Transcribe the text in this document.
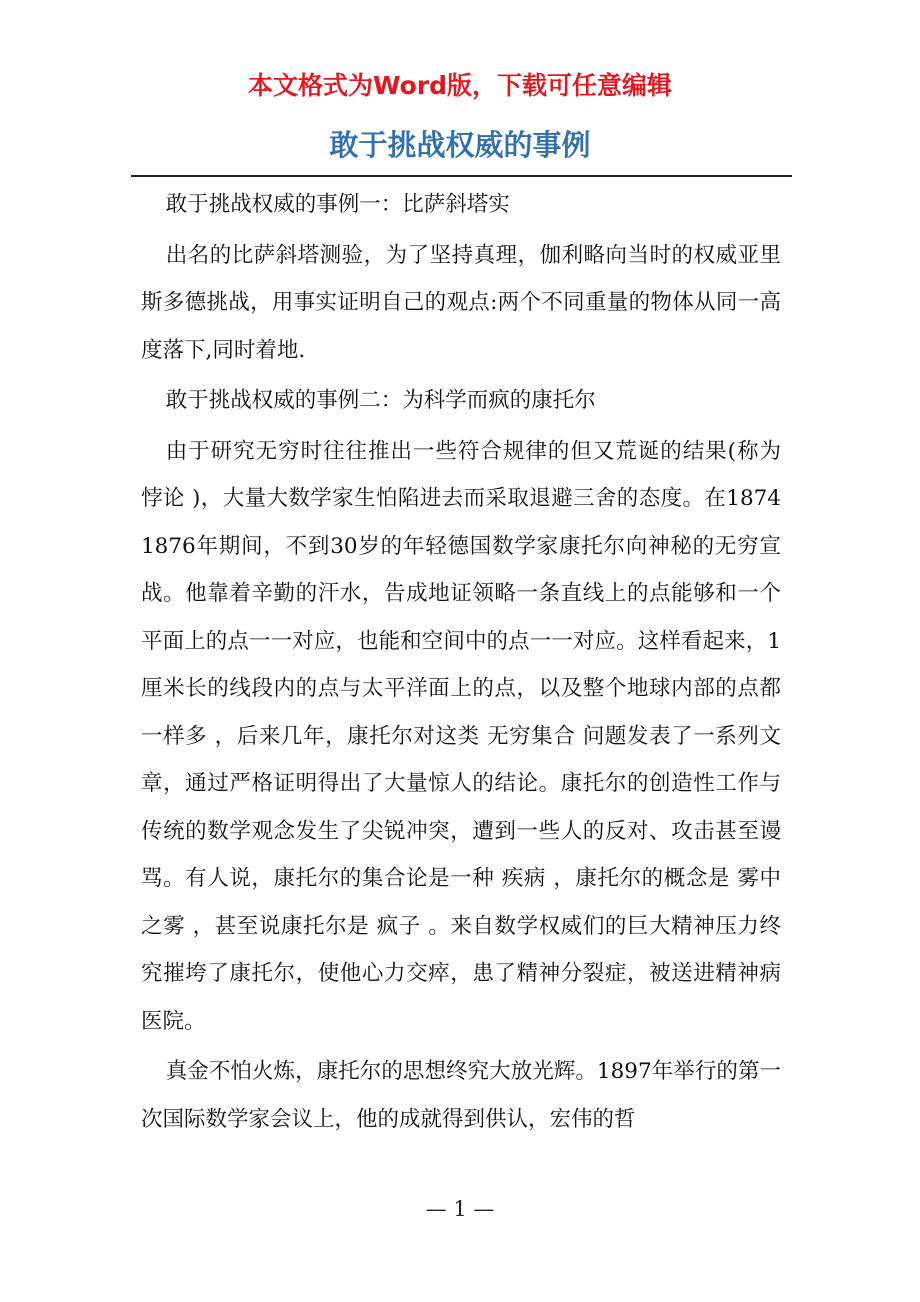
本文格式为Word版，下载可任意编辑
敢于挑战权威的事例

敢于挑战权威的事例一：比萨斜塔实

出名的比萨斜塔测验，为了坚持真理，伽利略向当时的权威亚里斯多德挑战，用事实证明自己的观点:两个不同重量的物体从同一高度落下,同时着地.

敢于挑战权威的事例二：为科学而疯的康托尔

由于研究无穷时往往推出一些符合规律的但又荒诞的结果(称为 悖论 )，大量大数学家生怕陷进去而采取退避三舍的态度。在1874 1876年期间，不到30岁的年轻德国数学家康托尔向神秘的无穷宣战。他靠着辛勤的汗水，告成地证领略一条直线上的点能够和一个平面上的点一一对应，也能和空间中的点一一对应。这样看起来，1厘米长的线段内的点与太平洋面上的点，以及整个地球内部的点都 一样多 ，后来几年，康托尔对这类 无穷集合 问题发表了一系列文章，通过严格证明得出了大量惊人的结论。康托尔的创造性工作与传统的数学观念发生了尖锐冲突，遭到一些人的反对、攻击甚至谩骂。有人说，康托尔的集合论是一种 疾病 ，康托尔的概念是 雾中之雾 ，甚至说康托尔是 疯子 。来自数学权威们的巨大精神压力终究摧垮了康托尔，使他心力交瘁，患了精神分裂症，被送进精神病医院。

真金不怕火炼，康托尔的思想终究大放光辉。1897年举行的第一次国际数学家会议上，他的成就得到供认，宏伟的哲

— 1 —
